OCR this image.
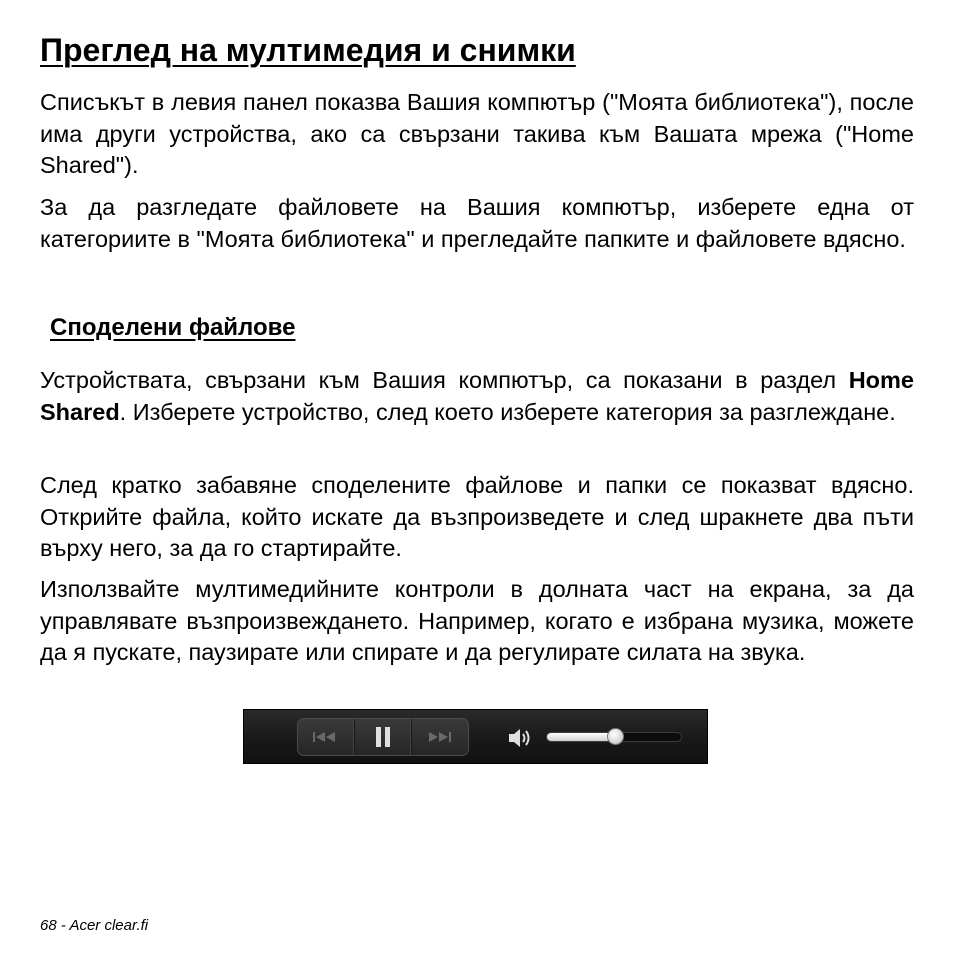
Преглед на мултимедия и снимки

Списъкът в левия панел показва Вашия компютър ("Моята библиотека"), после има други устройства, ако са свързани такива към Вашата мрежа ("Home Shared").

За да разгледате файловете на Вашия компютър, изберете една от категориите в "Моята библиотека" и прегледайте папките и файловете вдясно.

Споделени файлове

Устройствата, свързани към Вашия компютър, са показани в раздел Home Shared. Изберете устройство, след което изберете категория за разглеждане.

След кратко забавяне споделените файлове и папки се показват вдясно. Открийте файла, който искате да възпроизведете и след шракнете два пъти върху него, за да го стартирайте.

Използвайте мултимедийните контроли в долната част на екрана, за да управлявате възпроизвеждането. Например, когато е избрана музика, можете да я пускате, паузирате или спирате и да регулирате силата на звука.

68 - Acer clear.fi
